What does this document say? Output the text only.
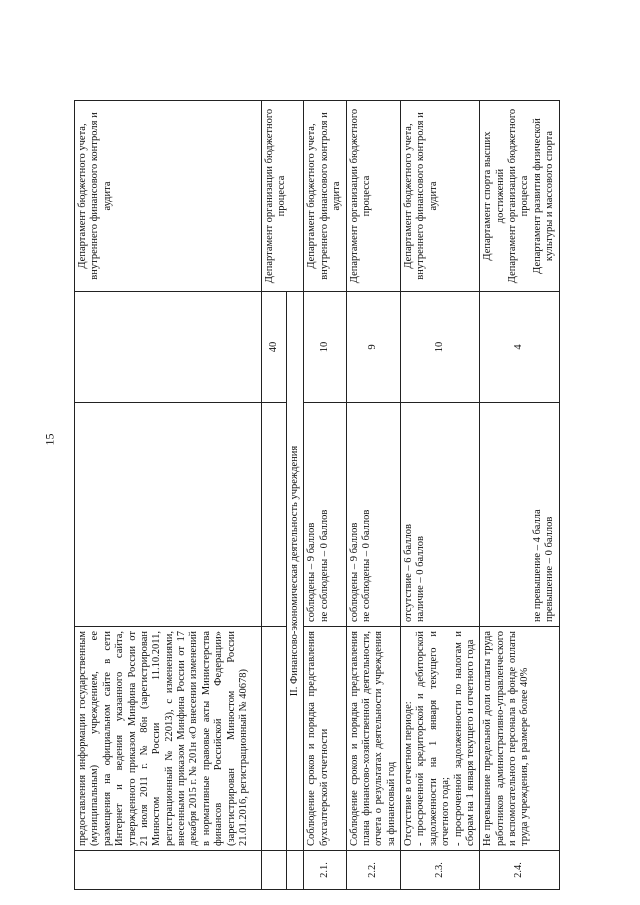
15
	предоставления информации государственным (муниципальным) учреждением, ее размещения на официальном сайте в сети Интернет и ведения указанного сайта, утвержденного приказом Минфина России от 21 июля 2011 г. № 86н (зарегистрирован Минюстом России 11.10.2011, регистрационный № 22013), с изменениями, внесенными приказом Минфина России от 17 декабря 2015 г. № 201н «О внесении изменений в нормативные правовые акты Министерства финансов Российской Федерации» (зарегистрирован Минюстом России 21.01.2016, регистрационный № 40678)			Департамент бюджетного учета, внутреннего финансового контроля и аудита
			40	Департамент организации бюджетного процесса
	II. Финансово-экономическая деятельность учреждения			
2.1.	Соблюдение сроков и порядка представления бухгалтерской отчетности	соблюдены – 9 баллов не соблюдены – 0 баллов	10	Департамент бюджетного учета, внутреннего финансового контроля и аудита
2.2.	Соблюдение сроков и порядка представления плана финансово-хозяйственной деятельности, отчета о результатах деятельности учреждения за финансовый год	соблюдены – 9 баллов не соблюдены – 0 баллов	9	Департамент организации бюджетного процесса
2.3.	Отсутствие в отчетном периоде: - просроченной кредиторской и дебиторской задолженности на 1 января текущего и отчетного года; - просроченной задолженности по налогам и сборам на 1 января текущего и отчетного года	отсутствие – 6 баллов наличие – 0 баллов	10	Департамент бюджетного учета, внутреннего финансового контроля и аудита
2.4.	Не превышение предельной доли оплаты труда работников административно-управленческого и вспомогательного персонала в фонде оплаты труда учреждения, в размере более 40%	не превышение – 4 балла превышение – 0 баллов	4	Департамент спорта высших достижений Департамент организации бюджетного процесса Департамент развития физической культуры и массового спорта
